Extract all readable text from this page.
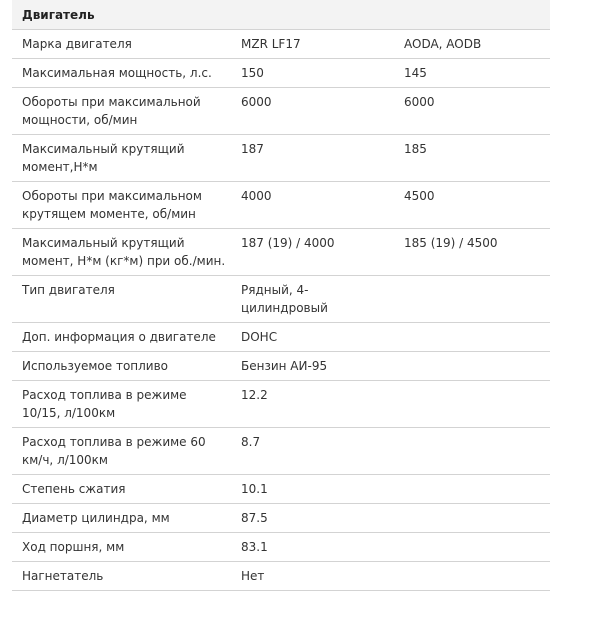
Двигатель		
Марка двигателя	MZR LF17	AODA, AODB
Максимальная мощность, л.с.	150	145
Обороты при максимальной мощности, об/мин	6000	6000
Максимальный крутящий момент,Н*м	187	185
Обороты при максимальном крутящем моменте, об/мин	4000	4500
Максимальный крутящий момент, Н*м (кг*м) при об./мин.	187 (19) / 4000	185 (19) / 4500
Тип двигателя	Рядный, 4-цилиндровый	
Доп. информация о двигателе	DOHC	
Используемое топливо	Бензин АИ-95	
Расход топлива в режиме 10/15, л/100км	12.2	
Расход топлива в режиме 60 км/ч, л/100км	8.7	
Степень сжатия	10.1	
Диаметр цилиндра, мм	87.5	
Ход поршня, мм	83.1	
Нагнетатель	Нет	
